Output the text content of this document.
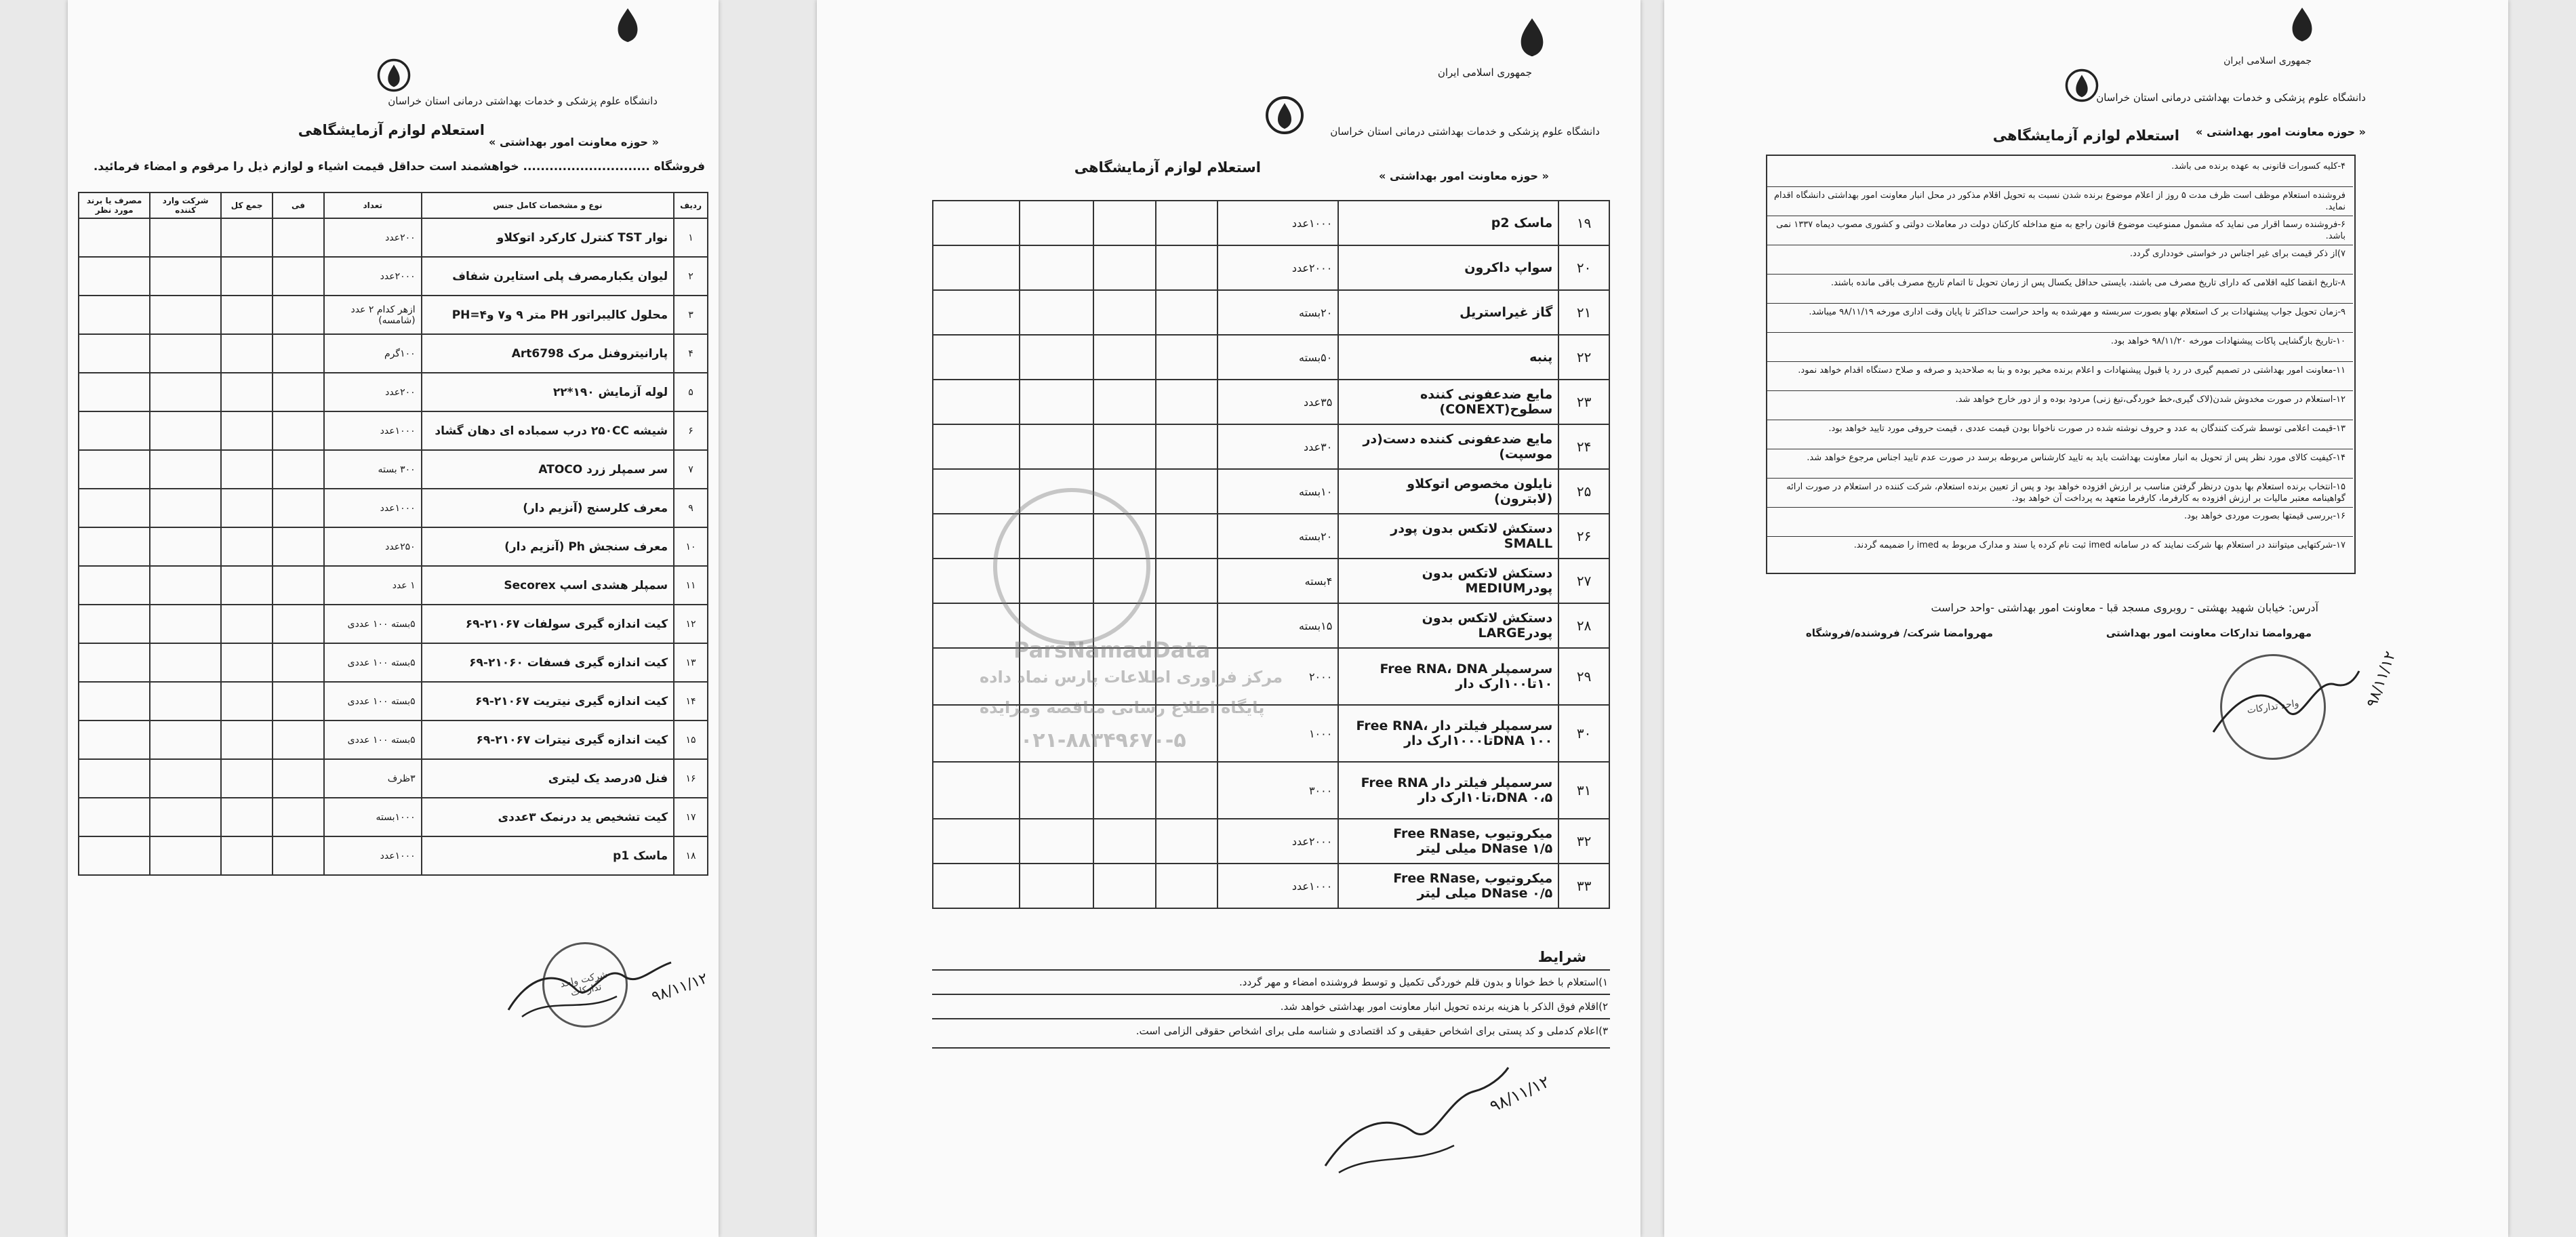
دانشگاه علوم پزشکی و خدمات بهداشتی درمانی استان خراسان
« حوزه معاونت امور بهداشتی »
استعلام لوازم آزمایشگاهی
فروشگاه ............................. خواهشمند است حداقل قیمت اشیاء و لوازم ذیل را مرقوم و امضاء فرمائید.
ردیف	نوع و مشخصات کامل جنس	تعداد	فی	جمع کل	شرکت وارد کننده	مصرف یا برند مورد نظر
۱	نوار TST کنترل کارکرد اتوکلاو	۲۰۰عدد				
۲	لیوان یکبارمصرف پلی استایرن شفاف	۲۰۰۰عدد				
۳	محلول کالیبراتور PH متر ۹ و۷ و۴=PH	ازهر کدام ۲ عدد (شامسه)				
۴	پارانیتروفنل مرک Art6798	۱۰۰گرم				
۵	لوله آزمایش ۱۹۰*۲۲	۲۰۰عدد				
۶	شیشه ۲۵۰CC درب سمباده ای دهان گشاد	۱۰۰۰عدد				
۷	سر سمپلر زرد ATOCO	۳۰۰ بسته				
۹	معرف کلرسنج (آنزیم دار)	۱۰۰۰عدد				
۱۰	معرف سنجش Ph (آنزیم دار)	۲۵۰عدد				
۱۱	سمپلر هشدی اسپ Secorex	۱ عدد				
۱۲	کیت اندازه گیری سولفات ۲۱۰۶۷-۶۹	۵بسته ۱۰۰ عددی				
۱۳	کیت اندازه گیری فسفات ۲۱۰۶۰-۶۹	۵بسته ۱۰۰ عددی				
۱۴	کیت اندازه گیری نیتریت ۲۱۰۶۷-۶۹	۵بسته ۱۰۰ عددی				
۱۵	کیت اندازه گیری نیترات ۲۱۰۶۷-۶۹	۵بسته ۱۰۰ عددی				
۱۶	فنل ۵درصد یک لیتری	۳ظرف				
۱۷	کیت تشخیص ید درنمک ۳عددی	۱۰۰۰بسته				
۱۸	ماسک p1	۱۰۰۰عدد				
شرکت واحد تدارکات	۹۸/۱۱/۱۲
جمهوری اسلامی ایران
دانشگاه علوم پزشکی و خدمات بهداشتی درمانی استان خراسان
« حوزه معاونت امور بهداشتی »
استعلام لوازم آزمایشگاهی
۱۹	ماسک p2	۱۰۰۰عدد				
۲۰	سواپ داکرون	۲۰۰۰عدد				
۲۱	گاز غیراستریل	۲۰بسته				
۲۲	پنبه	۵۰بسته				
۲۳	مایع ضدعفونی کننده سطوح(CONEXT)	۳۵عدد				
۲۴	مایع ضدعفونی کننده دست(در موسپت)	۳۰عدد				
۲۵	نایلون مخصوص اتوکلاو (لابترون)	۱۰بسته				
۲۶	دستکش لاتکس بدون پودر SMALL	۲۰بسته				
۲۷	دستکش لاتکس بدون پودرMEDIUM	۴بسته				
۲۸	دستکش لاتکس بدون پودرLARGE	۱۵بسته				
۲۹	سرسمپلر Free RNA، DNA ۱۰تا۱۰۰ارک دار	۲۰۰۰				
۳۰	سرسمپلر فیلتر دار Free RNA، DNA ۱۰۰تا۱۰۰۰ارک دار	۱۰۰۰				
۳۱	سرسمپلر فیلتر دار Free RNA ،DNA ۰،۵تا۱۰ارک دار	۳۰۰۰				
۳۲	میکروتیوب Free RNase, DNase ۱/۵ میلی لیتر	۲۰۰۰عدد				
۳۳	میکروتیوب Free RNase, DNase ۰/۵ میلی لیتر	۱۰۰۰عدد				
شرایط
۱)استعلام با خط خوانا و بدون قلم خوردگی تکمیل و توسط فروشنده امضاء و مهر گردد.
۲)اقلام فوق الذکر با هزینه برنده تحویل انبار معاونت امور بهداشتی خواهد شد.
۳)اعلام کدملی و کد پستی برای اشخاص حقیقی و کد اقتصادی و شناسه ملی برای اشخاص حقوقی الزامی است.
ParsNamadData
مرکز فراوری اطلاعات پارس نماد داده
پایگاه اطلاع رسانی مناقصه ومزایده
۰۲۱-۸۸۳۴۹۶۷۰-۵
۹۸/۱۱/۱۲
جمهوری اسلامی ایران
دانشگاه علوم پزشکی و خدمات بهداشتی درمانی استان خراسان
« حوزه معاونت امور بهداشتی »
استعلام لوازم آزمایشگاهی
۴-کلیه کسورات قانونی به عهده برنده می باشد.
فروشنده استعلام موظف است ظرف مدت ۵ روز از اعلام موضوع برنده شدن نسبت به تحویل اقلام مذکور در محل انبار معاونت امور بهداشتی دانشگاه اقدام نماید.
۶-فروشنده رسما اقرار می نماید که مشمول ممنوعیت موضوع قانون راجع به منع مداخله کارکنان دولت در معاملات دولتی و کشوری مصوب دیماه ۱۳۳۷ نمی باشد.
۷)از ذکر قیمت برای غیر اجناس در خواستی خودداری گردد.
۸-تاریخ انقضا کلیه اقلامی که دارای تاریخ مصرف می باشند، بایستی حداقل یکسال پس از زمان تحویل تا اتمام تاریخ مصرف باقی مانده باشند.
۹-زمان تحویل جواب پیشنهادات بر ک استعلام بهاو بصورت سربسته و مهرشده به واحد حراست حداکثر تا پایان وقت اداری مورخه ۹۸/۱۱/۱۹ میباشد.
۱۰-تاریخ بازگشایی پاکات پیشنهادات مورخه ۹۸/۱۱/۲۰ خواهد بود.
۱۱-معاونت امور بهداشتی در تصمیم گیری در رد یا قبول پیشنهادات و اعلام برنده مخیر بوده و بنا به صلاحدید و صرفه و صلاح دستگاه اقدام خواهد نمود.
۱۲-استعلام در صورت مخدوش شدن(لاک گیری،خط خوردگی،تیغ زنی) مردود بوده و از دور خارج خواهد شد.
۱۳-قیمت اعلامی توسط شرکت کنندگان به عدد و حروف نوشته شده در صورت ناخوانا بودن قیمت عددی ، قیمت حروفی مورد تایید خواهد بود.
۱۴-کیفیت کالای مورد نظر پس از تحویل به انبار معاونت بهداشت باید به تایید کارشناس مربوطه برسد در صورت عدم تایید اجناس مرجوع خواهد شد.
۱۵-انتخاب برنده استعلام بها بدون درنظر گرفتن مناسب بر ارزش افزوده خواهد بود و پس از تعیین برنده استعلام، شرکت کننده در استعلام در صورت ارائه گواهینامه معتبر مالیات بر ارزش افزوده به کارفرما، کارفرما متعهد به پرداخت آن خواهد بود.
۱۶-بررسی قیمتها بصورت موردی خواهد بود.
۱۷-شرکتهایی میتوانند در استعلام بها شرکت نمایند که در سامانه imed ثبت نام کرده یا سند و مدارک مربوط به imed را ضمیمه گردند.
آدرس: خیابان شهید بهشتی - روبروی مسجد قبا - معاونت امور بهداشتی -واحد حراست
مهروامضا تدارکات معاونت امور بهداشتی
مهروامضا شرکت/ فروشنده/فروشگاه
واحد تدارکات	۹۸/۱۱/۱۲
